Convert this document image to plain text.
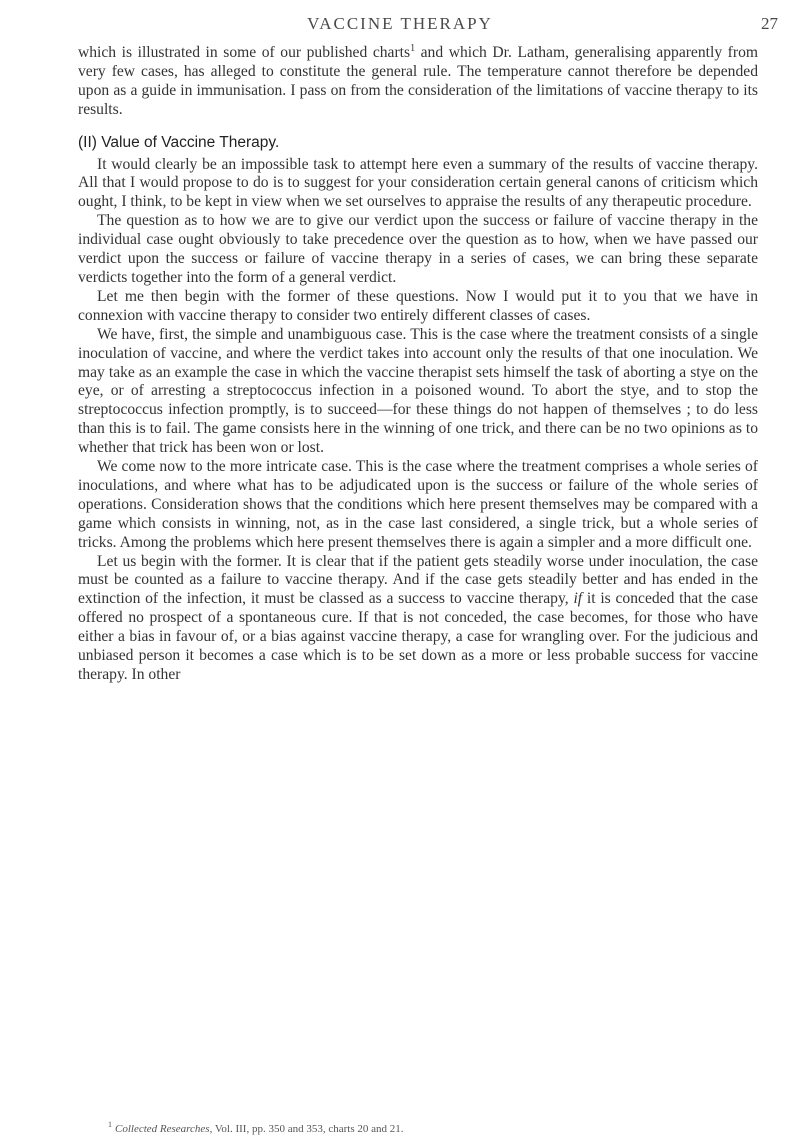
VACCINE THERAPY	27

which is illustrated in some of our published charts$^1$ and which Dr. Latham, generalising apparently from very few cases, has alleged to constitute the general rule. The temperature cannot therefore be depended upon as a guide in immunisation. I pass on from the consideration of the limitations of vaccine therapy to its results.

(II) Value of Vaccine Therapy.

It would clearly be an impossible task to attempt here even a summary of the results of vaccine therapy. All that I would propose to do is to suggest for your consideration certain general canons of criticism which ought, I think, to be kept in view when we set ourselves to appraise the results of any therapeutic procedure.

The question as to how we are to give our verdict upon the success or failure of vaccine therapy in the individual case ought obviously to take precedence over the question as to how, when we have passed our verdict upon the success or failure of vaccine therapy in a series of cases, we can bring these separate verdicts together into the form of a general verdict.

Let me then begin with the former of these questions. Now I would put it to you that we have in connexion with vaccine therapy to consider two entirely different classes of cases.

We have, first, the simple and unambiguous case. This is the case where the treatment consists of a single inoculation of vaccine, and where the verdict takes into account only the results of that one inoculation. We may take as an example the case in which the vaccine therapist sets himself the task of aborting a stye on the eye, or of arresting a streptococcus infection in a poisoned wound. To abort the stye, and to stop the streptococcus infection promptly, is to succeed—for these things do not happen of themselves ; to do less than this is to fail. The game consists here in the winning of one trick, and there can be no two opinions as to whether that trick has been won or lost.

We come now to the more intricate case. This is the case where the treatment comprises a whole series of inoculations, and where what has to be adjudicated upon is the success or failure of the whole series of operations. Consideration shows that the conditions which here present themselves may be compared with a game which consists in winning, not, as in the case last considered, a single trick, but a whole series of tricks. Among the problems which here present themselves there is again a simpler and a more difficult one.

Let us begin with the former. It is clear that if the patient gets steadily worse under inoculation, the case must be counted as a failure to vaccine therapy. And if the case gets steadily better and has ended in the extinction of the infection, it must be classed as a success to vaccine therapy, if it is conceded that the case offered no prospect of a spontaneous cure. If that is not conceded, the case becomes, for those who have either a bias in favour of, or a bias against vaccine therapy, a case for wrangling over. For the judicious and unbiased person it becomes a case which is to be set down as a more or less probable success for vaccine therapy. In other

$^1$ Collected Researches, Vol. III, pp. 350 and 353, charts 20 and 21.
